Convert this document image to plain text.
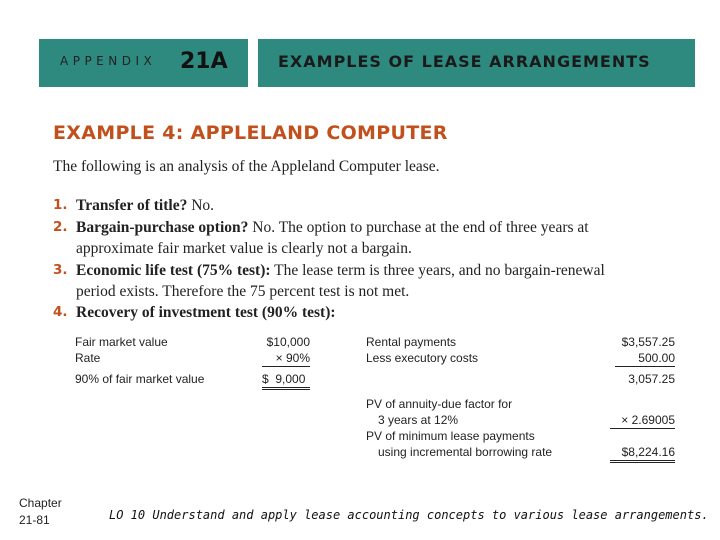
APPENDIX 21A	EXAMPLES OF LEASE ARRANGEMENTS
EXAMPLE 4: APPLELAND COMPUTER
The following is an analysis of the Appleland Computer lease.
1. Transfer of title? No.
2. Bargain-purchase option? No. The option to purchase at the end of three years at
approximate fair market value is clearly not a bargain.
3. Economic life test (75% test): The lease term is three years, and no bargain-renewal
period exists. Therefore the 75 percent test is not met.
4. Recovery of investment test (90% test):
Fair market value	$10,000
Rate	× 90%
90% of fair market value	$  9,000
Rental payments	$3,557.25
Less executory costs	500.00
3,057.25
PV of annuity-due factor for
3 years at 12%	× 2.69005
PV of minimum lease payments
using incremental borrowing rate	$8,224.16
Chapter
21-81	LO 10 Understand and apply lease accounting concepts to various lease arrangements.
